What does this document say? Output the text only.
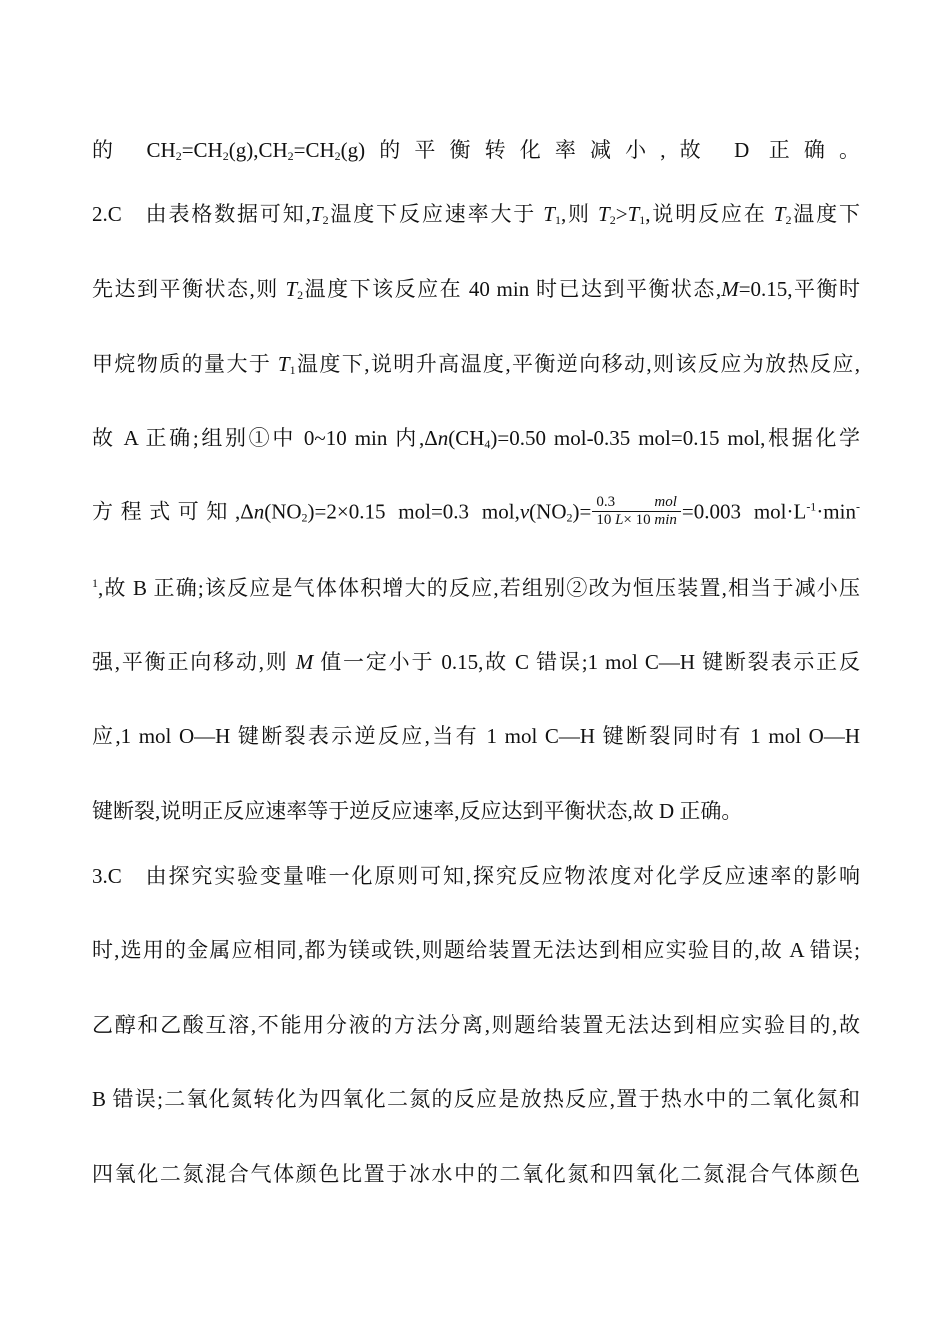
的 $CH_2=CH_2(g),CH_2=CH_2(g)$的平衡转化率减小,故 D 正确。
2.C 由表格数据可知$,T_2$温度下反应速率大于 $T_1$,则 $T_2>T_1$,说明反应在 $T_2$温度下
先达到平衡状态,则 $T_2$温度下该反应在 40 min 时已达到平衡状态,M=0.15,平衡时
甲烷物质的量大于 $T_1$温度下,说明升高温度,平衡逆向移动,则该反应为放热反应,
故 A 正确;组别①中 0~10 min 内$,\Delta n(CH_4)=0.50$ mol-0.35 mol=0.15 mol,根据化学
方程式可知$,\Delta n(NO_2)=2\times 0.15$ mol=0.3 $mol,v(NO_2)= \frac{\text{0.3 mol}}{10 L\times 10 \min} =0.003$ $mol\cdot L^{-1}\cdot\min^-$
$^1$,故 B 正确;该反应是气体体积增大的反应,若组别②改为恒压装置,相当于减小压
强,平衡正向移动,则 M 值一定小于 0.15,故 C 错误;1 mol C—H 键断裂表示正反
应,1 mol O—H 键断裂表示逆反应,当有 1 mol C—H 键断裂同时有 1 mol O—H
键断裂,说明正反应速率等于逆反应速率,反应达到平衡状态,故 D 正确。
3.C 由探究实验变量唯一化原则可知,探究反应物浓度对化学反应速率的影响
时,选用的金属应相同,都为镁或铁,则题给装置无法达到相应实验目的,故 A 错误;
乙醇和乙酸互溶,不能用分液的方法分离,则题给装置无法达到相应实验目的,故
B 错误;二氧化氮转化为四氧化二氮的反应是放热反应,置于热水中的二氧化氮和
四氧化二氮混合气体颜色比置于冰水中的二氧化氮和四氧化二氮混合气体颜色
